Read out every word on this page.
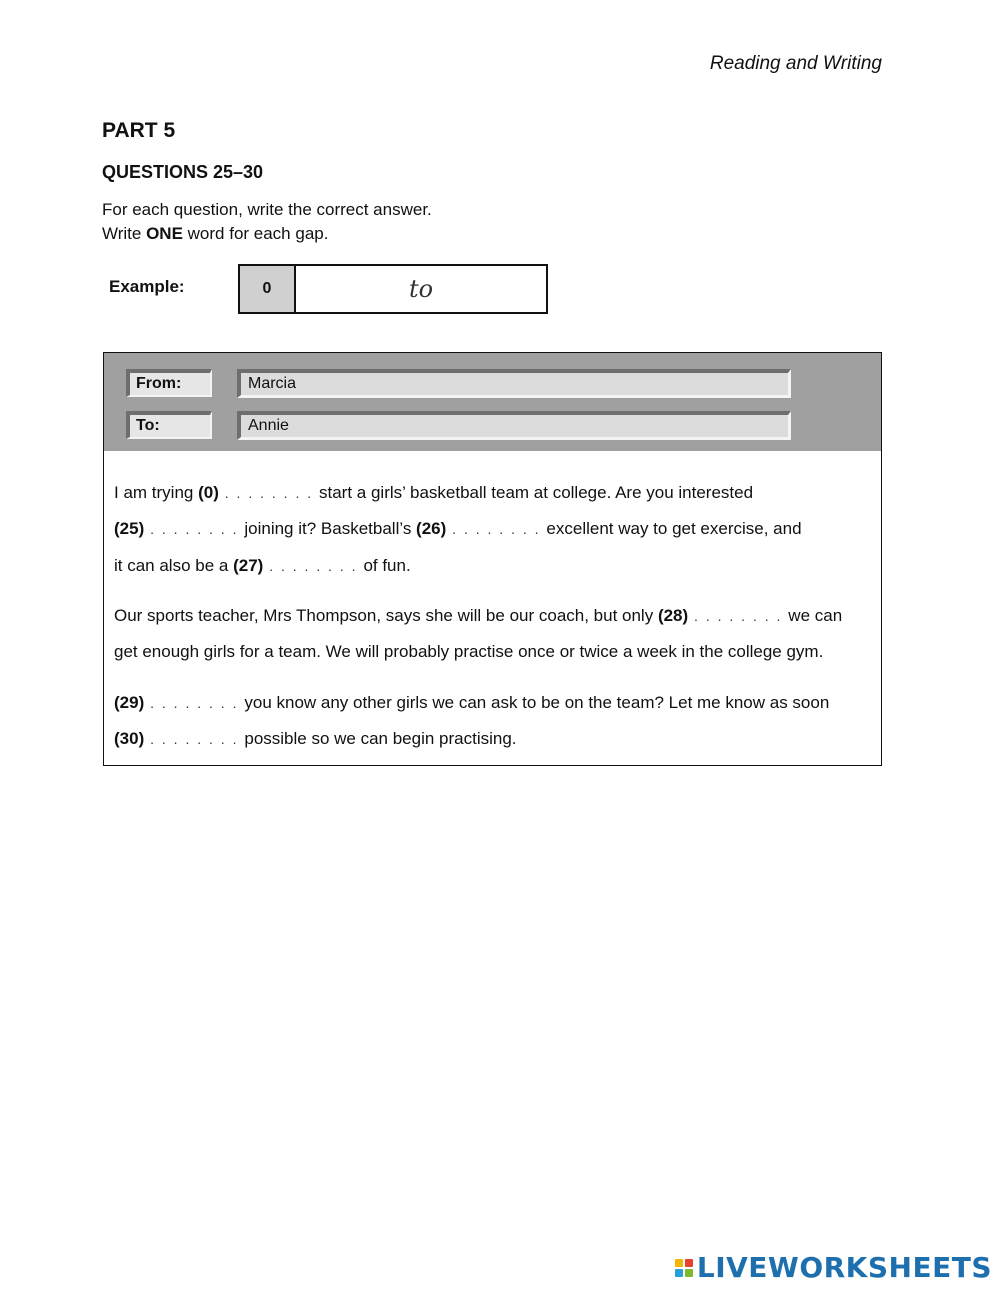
Reading and Writing
PART 5
QUESTIONS 25–30
For each question, write the correct answer.
Write ONE word for each gap.
Example:	0	to
From:	Marcia
To:	Annie
I am trying (0) . . . . . . . . start a girls’ basketball team at college. Are you interested
(25) . . . . . . . . joining it? Basketball’s (26) . . . . . . . . excellent way to get exercise, and
it can also be a (27) . . . . . . . . of fun.
Our sports teacher, Mrs Thompson, says she will be our coach, but only (28) . . . . . . . . we can
get enough girls for a team. We will probably practise once or twice a week in the college gym.
(29) . . . . . . . . you know any other girls we can ask to be on the team? Let me know as soon
(30) . . . . . . . . possible so we can begin practising.
LIVEWORKSHEETS
